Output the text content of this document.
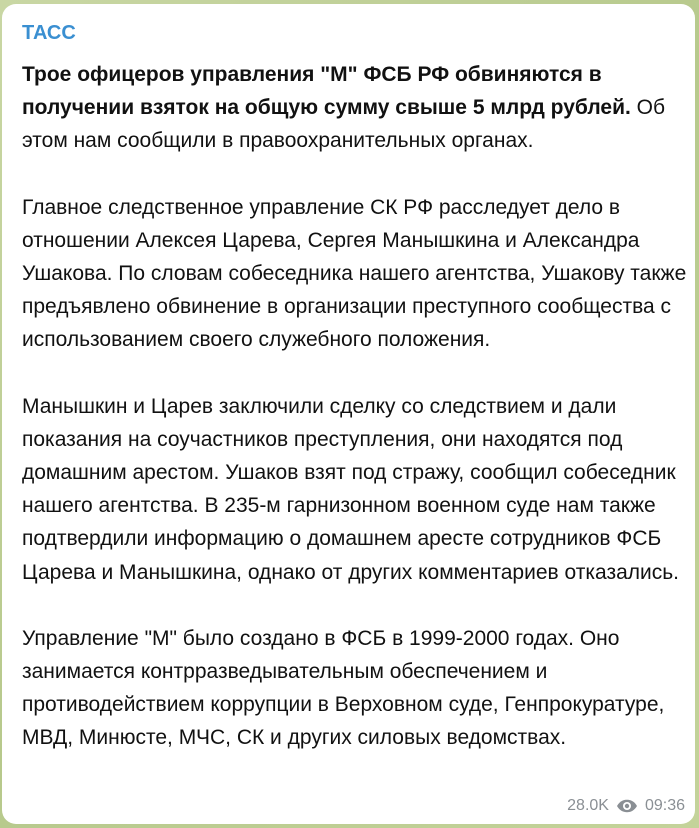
ТАСС

Трое офицеров управления "М" ФСБ РФ обвиняются в получении взяток на общую сумму свыше 5 млрд рублей. Об этом нам сообщили в правоохранительных органах.

Главное следственное управление СК РФ расследует дело в отношении Алексея Царева, Сергея Манышкина и Александра Ушакова. По словам собеседника нашего агентства, Ушакову также предъявлено обвинение в организации преступного сообщества с использованием своего служебного положения.

Манышкин и Царев заключили сделку со следствием и дали показания на соучастников преступления, они находятся под домашним арестом. Ушаков взят под стражу, сообщил собеседник нашего агентства. В 235-м гарнизонном военном суде нам также подтвердили информацию о домашнем аресте сотрудников ФСБ Царева и Манышкина, однако от других комментариев отказались.

Управление "М" было создано в ФСБ в 1999-2000 годах. Оно занимается контрразведывательным обеспечением и противодействием коррупции в Верховном суде, Генпрокуратуре, МВД, Минюсте, МЧС, СК и других силовых ведомствах.

28.0K 09:36
